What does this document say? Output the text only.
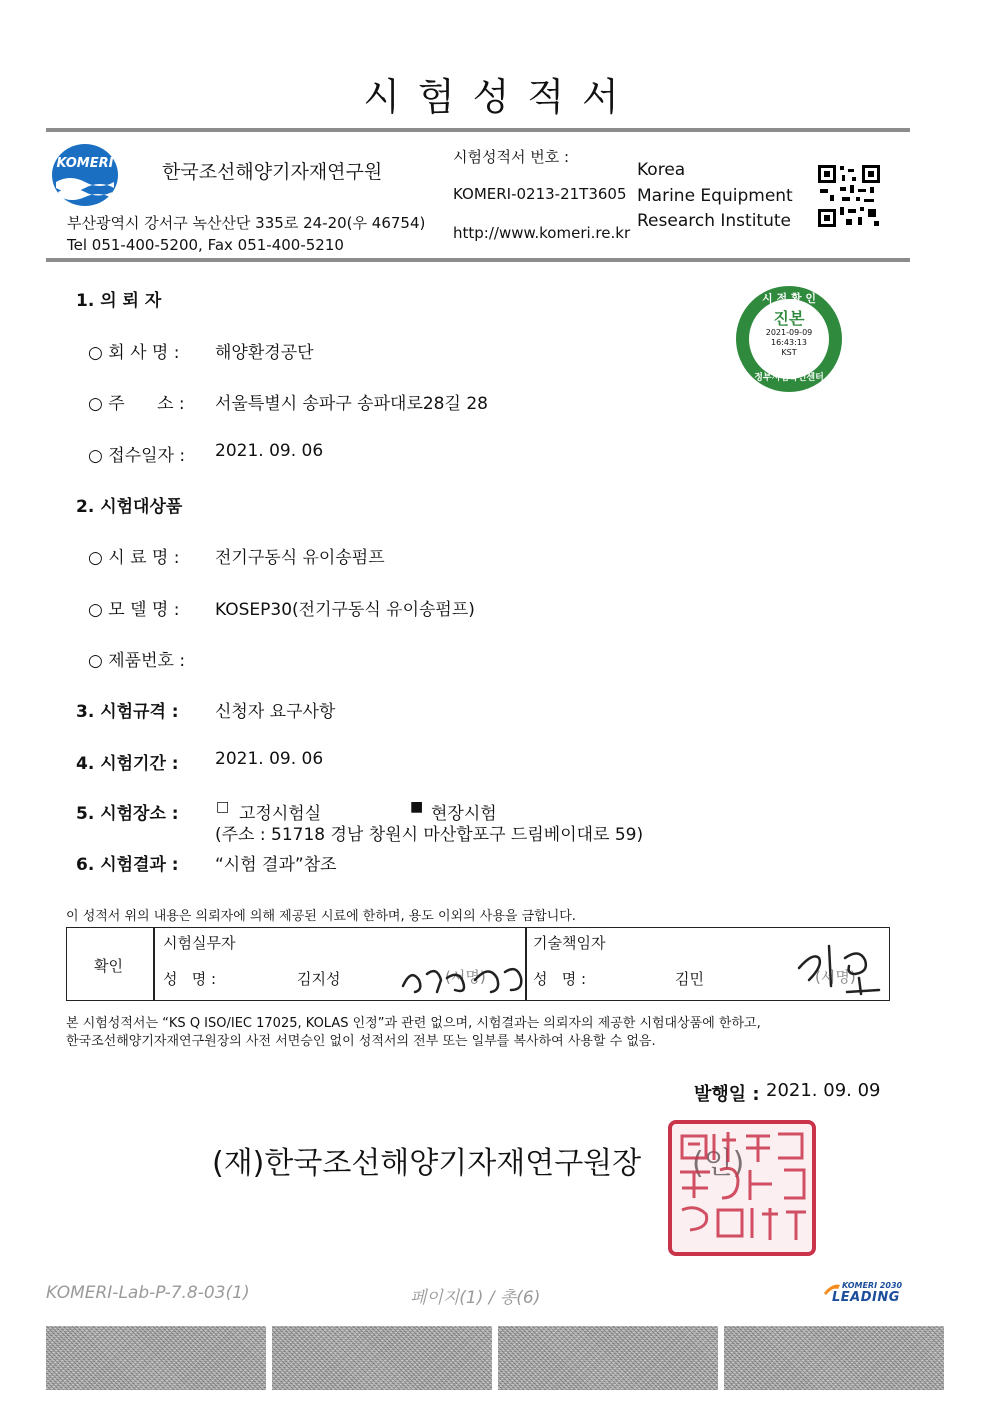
시험성적서
KOMERI	한국조선해양기자재연구원
부산광역시 강서구 녹산산단 335로 24-20(우 46754)
Tel 051-400-5200, Fax 051-400-5210
시험성적서 번호 :
KOMERI-0213-21T3605
http://www.komeri.re.kr
Korea
Marine Equipment
Research Institute
시 점 확 인
진본
2021-09-09
16:43:13
KST
정부시점확인센터
1. 의 뢰 자
○ 회 사 명 : 해양환경공단
○ 주      소 : 서울특별시 송파구 송파대로28길 28
○ 접수일자 : 2021. 09. 06
2. 시험대상품
○ 시 료 명 : 전기구동식 유이송펌프
○ 모 델 명 : KOSEP30(전기구동식 유이송펌프)
○ 제품번호 :
3. 시험규격 : 신청자 요구사항
4. 시험기간 : 2021. 09. 06
5. 시험장소 :	□ 고정시험실	■ 현장시험
(주소 : 51718 경남 창원시 마산합포구 드림베이대로 59)
6. 시험결과 : “시험 결과”참조
이 성적서 위의 내용은 의뢰자에 의해 제공된 시료에 한하며, 용도 이외의 사용을 금합니다.
확인
시험실무자
성   명 :	김지성	(서명)
기술책임자
성   명 :	김민	(서명)
본 시험성적서는 “KS Q ISO/IEC 17025, KOLAS 인정”과 관련 없으며, 시험결과는 의뢰자의 제공한 시험대상품에 한하고,
한국조선해양기자재연구원장의 사전 서면승인 없이 성적서의 전부 또는 일부를 복사하여 사용할 수 없음.
발행일 : 2021. 09. 09
(재)한국조선해양기자재연구원장
KOMERI-Lab-P-7.8-03(1)	페이지(1) / 총(6)
KOMERI 2030
LEADING
